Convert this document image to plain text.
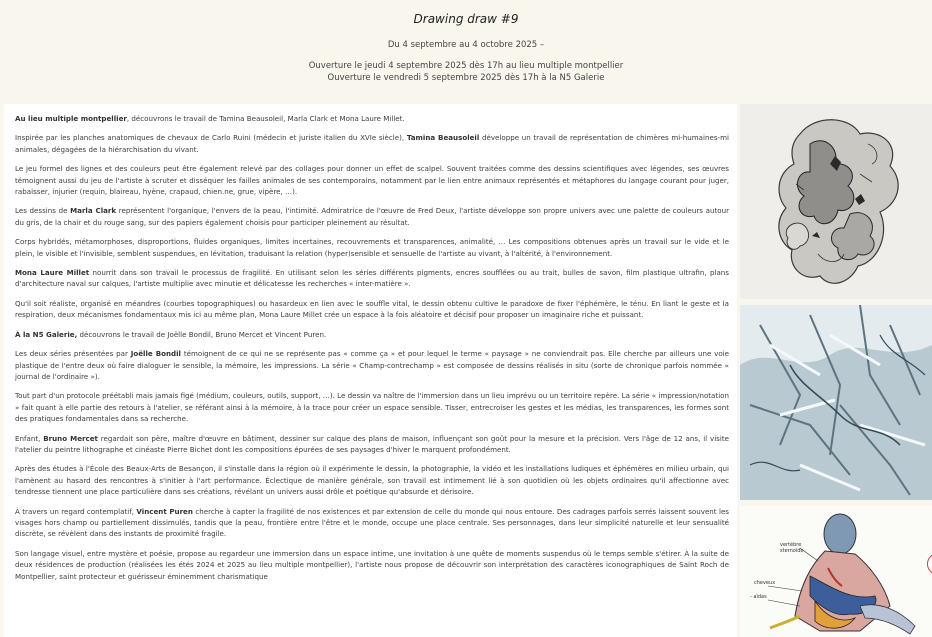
Drawing draw #9
Du 4 septembre au 4 octobre 2025 –
Ouverture le jeudi 4 septembre 2025 dès 17h au lieu multiple montpellier
Ouverture le vendredi 5 septembre 2025 dès 17h à la N5 Galerie

Au lieu multiple montpellier, découvrons le travail de Tamina Beausoleil, Marla Clark et Mona Laure Millet.

Inspirée par les planches anatomiques de chevaux de Carlo Ruini (médecin et juriste italien du XVIe siècle), Tamina Beausoleil développe un travail de représentation de chimères mi-humaines-mi animales, dégagées de la hiérarchisation du vivant.

Le jeu formel des lignes et des couleurs peut être également relevé par des collages pour donner un effet de scalpel. Souvent traitées comme des dessins scientifiques avec légendes, ses œuvres témoignent aussi du jeu de l'artiste à scruter et disséquer les failles animales de ses contemporains, notamment par le lien entre animaux représentés et métaphores du langage courant pour juger, rabaisser, injurier (requin, blaireau, hyène, crapaud, chien.ne, grue, vipère, …).

Les dessins de Marla Clark représentent l'organique, l'envers de la peau, l'intimité. Admiratrice de l'œuvre de Fred Deux, l'artiste développe son propre univers avec une palette de couleurs autour du gris, de la chair et du rouge sang, sur des papiers également choisis pour participer pleinement au résultat.

Corps hybridés, métamorphoses, disproportions, fluides organiques, limites incertaines, recouvrements et transparences, animalité, … Les compositions obtenues après un travail sur le vide et le plein, le visible et l'invisible, semblent suspendues, en lévitation, traduisant la relation (hyper)sensible et sensuelle de l'artiste au vivant, à l'altérité, à l'environnement.

Mona Laure Millet nourrit dans son travail le processus de fragilité. En utilisant selon les séries différents pigments, encres soufflées ou au trait, bulles de savon, film plastique ultrafin, plans d'architecture naval sur calques, l'artiste multiplie avec minutie et délicatesse les recherches « inter-matière ».

Qu'il soit réaliste, organisé en méandres (courbes topographiques) ou hasardeux en lien avec le souffle vital, le dessin obtenu cultive le paradoxe de fixer l'éphémère, le ténu. En liant le geste et la respiration, deux mécanismes fondamentaux mis ici au même plan, Mona Laure Millet crée un espace à la fois aléatoire et décisif pour proposer un imaginaire riche et puissant.

À la N5 Galerie, découvrons le travail de Joëlle Bondil, Bruno Mercet et Vincent Puren.

Les deux séries présentées par Joëlle Bondil témoignent de ce qui ne se représente pas « comme ça » et pour lequel le terme « paysage » ne conviendrait pas. Elle cherche par ailleurs une voie plastique de l'entre deux où faire dialoguer le sensible, la mémoire, les impressions. La série « Champ-contrechamp » est composée de dessins réalisés in situ (sorte de chronique parfois nommée « journal de l'ordinaire »).

Tout part d'un protocole préétabli mais jamais figé (médium, couleurs, outils, support, …). Le dessin va naître de l'immersion dans un lieu imprévu ou un territoire repère. La série « impression/notation » fait quant à elle partie des retours à l'atelier, se référant ainsi à la mémoire, à la trace pour créer un espace sensible. Tisser, entrecroiser les gestes et les médias, les transparences, les formes sont des pratiques fondamentales dans sa recherche.

Enfant, Bruno Mercet regardait son père, maître d'œuvre en bâtiment, dessiner sur calque des plans de maison, influençant son goût pour la mesure et la précision. Vers l'âge de 12 ans, il visite l'atelier du peintre lithographe et cinéaste Pierre Bichet dont les compositions épurées de ses paysages d'hiver le marquent profondément.

Après des études à l'École des Beaux-Arts de Besançon, il s'installe dans la région où il expérimente le dessin, la photographie, la vidéo et les installations ludiques et éphémères en milieu urbain, qui l'amènent au hasard des rencontres à s'initier à l'art performance. Éclectique de manière générale, son travail est intimement lié à son quotidien où les objets ordinaires qu'il affectionne avec tendresse tiennent une place particulière dans ses créations, révélant un univers aussi drôle et poétique qu'absurde et dérisoire.

À travers un regard contemplatif, Vincent Puren cherche à capter la fragilité de nos existences et par extension de celle du monde qui nous entoure. Des cadrages parfois serrés laissent souvent les visages hors champ ou partiellement dissimulés, tandis que la peau, frontière entre l'être et le monde, occupe une place centrale. Ses personnages, dans leur simplicité naturelle et leur sensualité discrète, se révèlent dans des instants de proximité fragile.

Son langage visuel, entre mystère et poésie, propose au regardeur une immersion dans un espace intime, une invitation à une quête de moments suspendus où le temps semble s'étirer. À la suite de deux résidences de production (réalisées les étés 2024 et 2025 au lieu multiple montpellier), l'artiste nous propose de découvrir son interprétation des caractères iconographiques de Saint Roch de Montpellier, saint protecteur et guérisseur éminemment charismatique

vertèbre
sternoïde
cheveux
- aïdas
